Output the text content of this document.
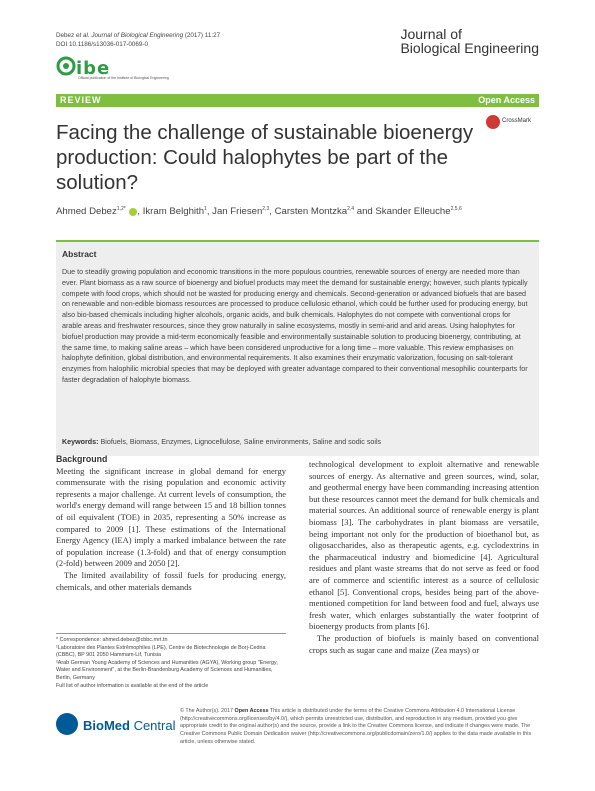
Debez et al. Journal of Biological Engineering (2017) 11:27
DOI 10.1186/s13036-017-0069-0
Journal of
Biological Engineering
ibe
Official publication of the Institute of Biological Engineering
REVIEW	Open Access
Facing the challenge of sustainable bioenergy production: Could halophytes be part of the solution?
CrossMark
Ahmed Debez$^{1,2*}$ , Ikram Belghith$^1$, Jan Friesen$^{2,3}$, Carsten Montzka$^{2,4}$ and Skander Elleuche$^{2,5,6}$
Abstract
Due to steadily growing population and economic transitions in the more populous countries, renewable sources of energy are needed more than ever. Plant biomass as a raw source of bioenergy and biofuel products may meet the demand for sustainable energy; however, such plants typically compete with food crops, which should not be wasted for producing energy and chemicals. Second-generation or advanced biofuels that are based on renewable and non-edible biomass resources are processed to produce cellulosic ethanol, which could be further used for producing energy, but also bio-based chemicals including higher alcohols, organic acids, and bulk chemicals. Halophytes do not compete with conventional crops for arable areas and freshwater resources, since they grow naturally in saline ecosystems, mostly in semi-arid and arid areas. Using halophytes for biofuel production may provide a mid-term economically feasible and environmentally sustainable solution to producing bioenergy, contributing, at the same time, to making saline areas – which have been considered unproductive for a long time – more valuable. This review emphasises on halophyte definition, global distribution, and environmental requirements. It also examines their enzymatic valorization, focusing on salt-tolerant enzymes from halophilic microbial species that may be deployed with greater advantage compared to their conventional mesophilic counterparts for faster degradation of halophyte biomass.
Keywords: Biofuels, Biomass, Enzymes, Lignocellulose, Saline environments, Saline and sodic soils
Background

Meeting the significant increase in global demand for energy commensurate with the rising population and economic activity represents a major challenge. At current levels of consumption, the world's energy demand will range between 15 and 18 billion tonnes of oil equivalent (TOE) in 2035, representing a 50% increase as compared to 2009 [1]. These estimations of the International Energy Agency (IEA) imply a marked imbalance between the rate of population increase (1.3-fold) and that of energy consumption (2-fold) between 2009 and 2050 [2].

The limited availability of fossil fuels for producing energy, chemicals, and other materials demands

technological development to exploit alternative and renewable sources of energy. As alternative and green sources, wind, solar, and geothermal energy have been commanding increasing attention but these resources cannot meet the demand for bulk chemicals and material sources. An additional source of renewable energy is plant biomass [3]. The carbohydrates in plant biomass are versatile, being important not only for the production of bioethanol but, as oligosaccharides, also as therapeutic agents, e.g. cyclodextrins in the pharmaceutical industry and biomedicine [4]. Agricultural residues and plant waste streams that do not serve as feed or food are of commerce and scientific interest as a source of cellulosic ethanol [5]. Conventional crops, besides being part of the above-mentioned competition for land between food and fuel, always use fresh water, which enlarges substantially the water footprint of bioenergy products from plants [6].

The production of biofuels is mainly based on conventional crops such as sugar cane and maize (Zea mays) or

* Correspondence: ahmed.debez@cbbc.rnrt.tn

¹Laboratoire des Plantes Extrêmophiles (LPE), Centre de Biotechnologie de Borj-Cedria (CBBC), BP 901 2050 Hammam-Lif, Tunisia

²Arab German Young Academy of Sciences and Humanities (AGYA), Working group "Energy, Water and Environment", at the Berlin-Brandenburg Academy of Sciences and Humanities, Berlin, Germany

Full list of author information is available at the end of the article

BioMed Central
© The Author(s). 2017 Open Access This article is distributed under the terms of the Creative Commons Attribution 4.0 International License (http://creativecommons.org/licenses/by/4.0/), which permits unrestricted use, distribution, and reproduction in any medium, provided you give appropriate credit to the original author(s) and the source, provide a link to the Creative Commons license, and indicate if changes were made. The Creative Commons Public Domain Dedication waiver (http://creativecommons.org/publicdomain/zero/1.0/) applies to the data made available in this article, unless otherwise stated.
